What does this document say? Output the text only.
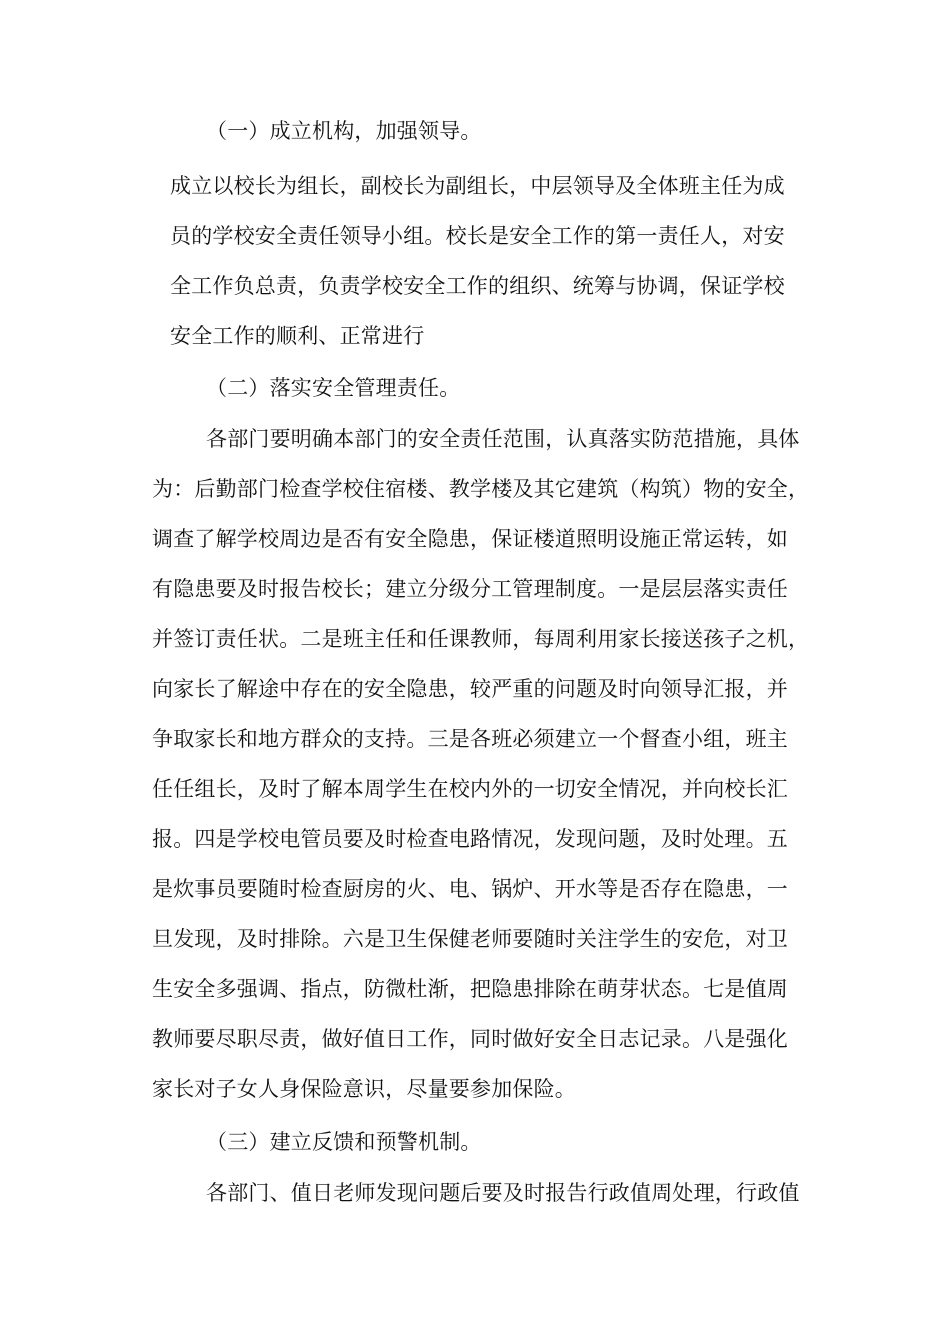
（一）成立机构，加强领导。
成立以校长为组长，副校长为副组长，中层领导及全体班主任为成
员的学校安全责任领导小组。校长是安全工作的第一责任人，对安
全工作负总责，负责学校安全工作的组织、统筹与协调，保证学校
安全工作的顺利、正常进行
（二）落实安全管理责任。
各部门要明确本部门的安全责任范围，认真落实防范措施，具体
为：后勤部门检查学校住宿楼、教学楼及其它建筑（构筑）物的安全，
调查了解学校周边是否有安全隐患，保证楼道照明设施正常运转，如
有隐患要及时报告校长；建立分级分工管理制度。一是层层落实责任
并签订责任状。二是班主任和任课教师，每周利用家长接送孩子之机，
向家长了解途中存在的安全隐患，较严重的问题及时向领导汇报，并
争取家长和地方群众的支持。三是各班必须建立一个督查小组，班主
任任组长，及时了解本周学生在校内外的一切安全情况，并向校长汇
报。四是学校电管员要及时检查电路情况，发现问题，及时处理。五
是炊事员要随时检查厨房的火、电、锅炉、开水等是否存在隐患，一
旦发现，及时排除。六是卫生保健老师要随时关注学生的安危，对卫
生安全多强调、指点，防微杜渐，把隐患排除在萌芽状态。七是值周
教师要尽职尽责，做好值日工作，同时做好安全日志记录。八是强化
家长对子女人身保险意识，尽量要参加保险。
（三）建立反馈和预警机制。
各部门、值日老师发现问题后要及时报告行政值周处理，行政值
